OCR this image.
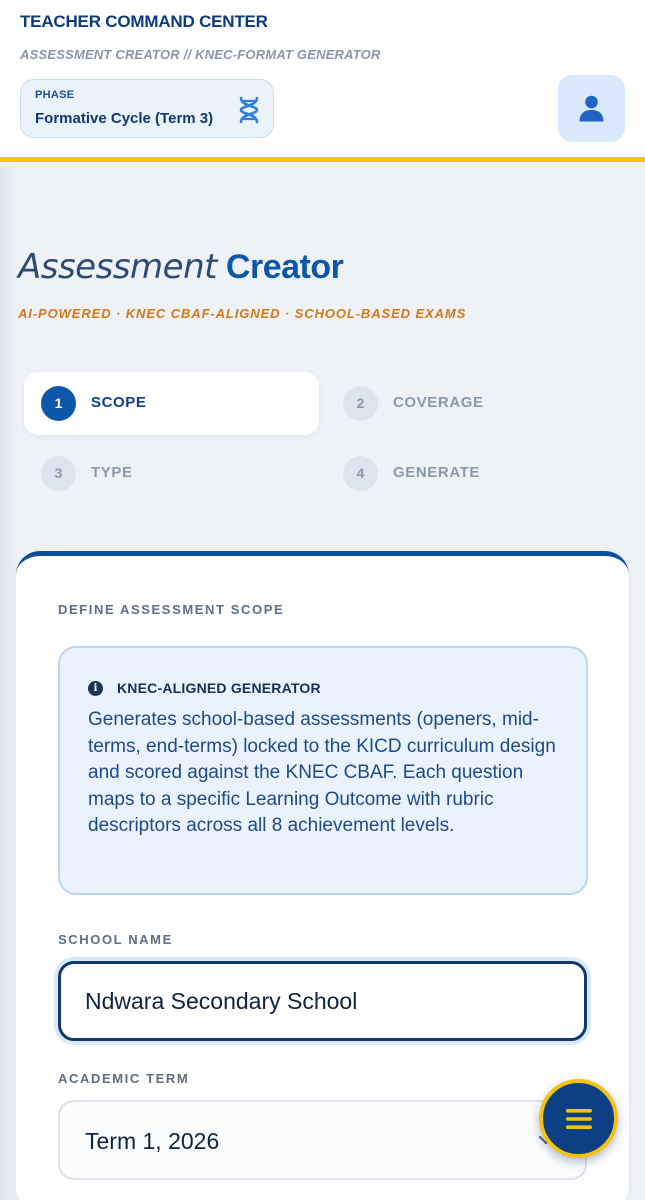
TEACHER COMMAND CENTER
ASSESSMENT CREATOR // KNEC-FORMAT GENERATOR
PHASE
Formative Cycle (Term 3)
Assessment Creator
AI-POWERED · KNEC CBAF-ALIGNED · SCHOOL-BASED EXAMS
1	SCOPE	2	COVERAGE
3	TYPE	4	GENERATE
DEFINE ASSESSMENT SCOPE
i	KNEC-ALIGNED GENERATOR
Generates school-based assessments (openers, mid-terms, end-terms) locked to the KICD curriculum design and scored against the KNEC CBAF. Each question maps to a specific Learning Outcome with rubric descriptors across all 8 achievement levels.
SCHOOL NAME
Ndwara Secondary School
ACADEMIC TERM
Term 1, 2026
